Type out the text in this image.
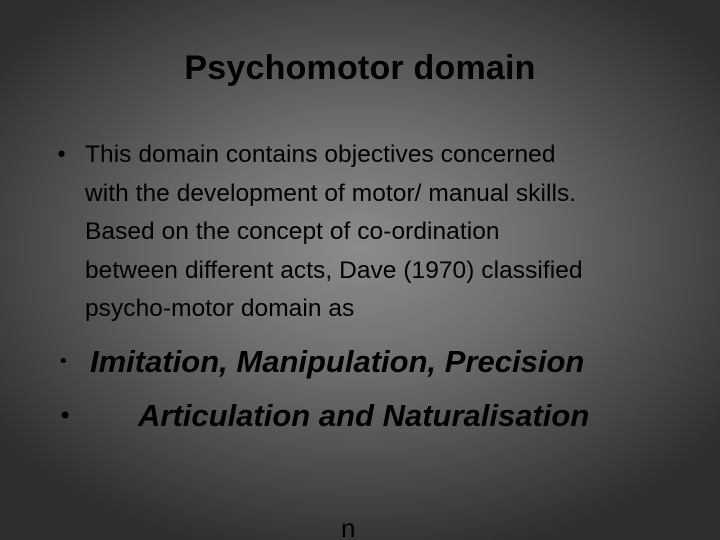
Psychomotor domain
• This domain contains objectives concerned
with the development of motor/ manual skills.
Based on the concept of co-ordination
between different acts, Dave (1970) classified
psycho-motor domain as
• Imitation, Manipulation, Precision
• Articulation and Naturalisation
n
